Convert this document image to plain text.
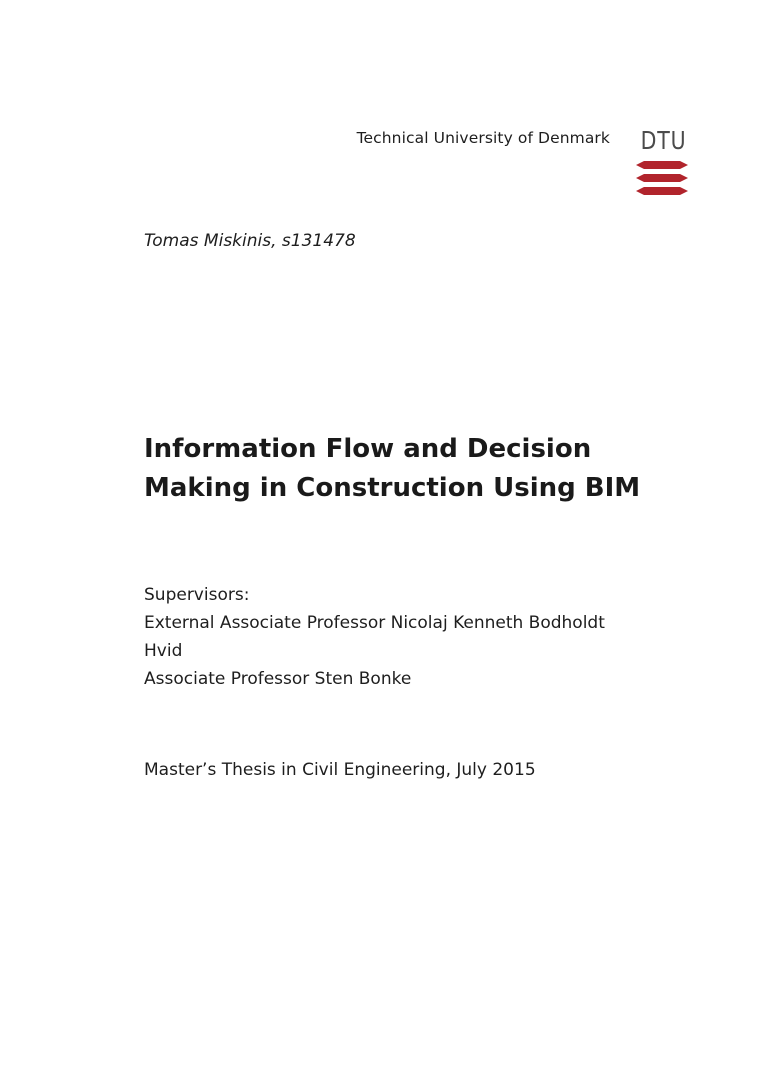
Technical University of Denmark DTU
Tomas Miskinis, s131478
Information Flow and Decision
Making in Construction Using BIM
Supervisors:
External Associate Professor Nicolaj Kenneth Bodholdt
Hvid
Associate Professor Sten Bonke
Master’s Thesis in Civil Engineering, July 2015
